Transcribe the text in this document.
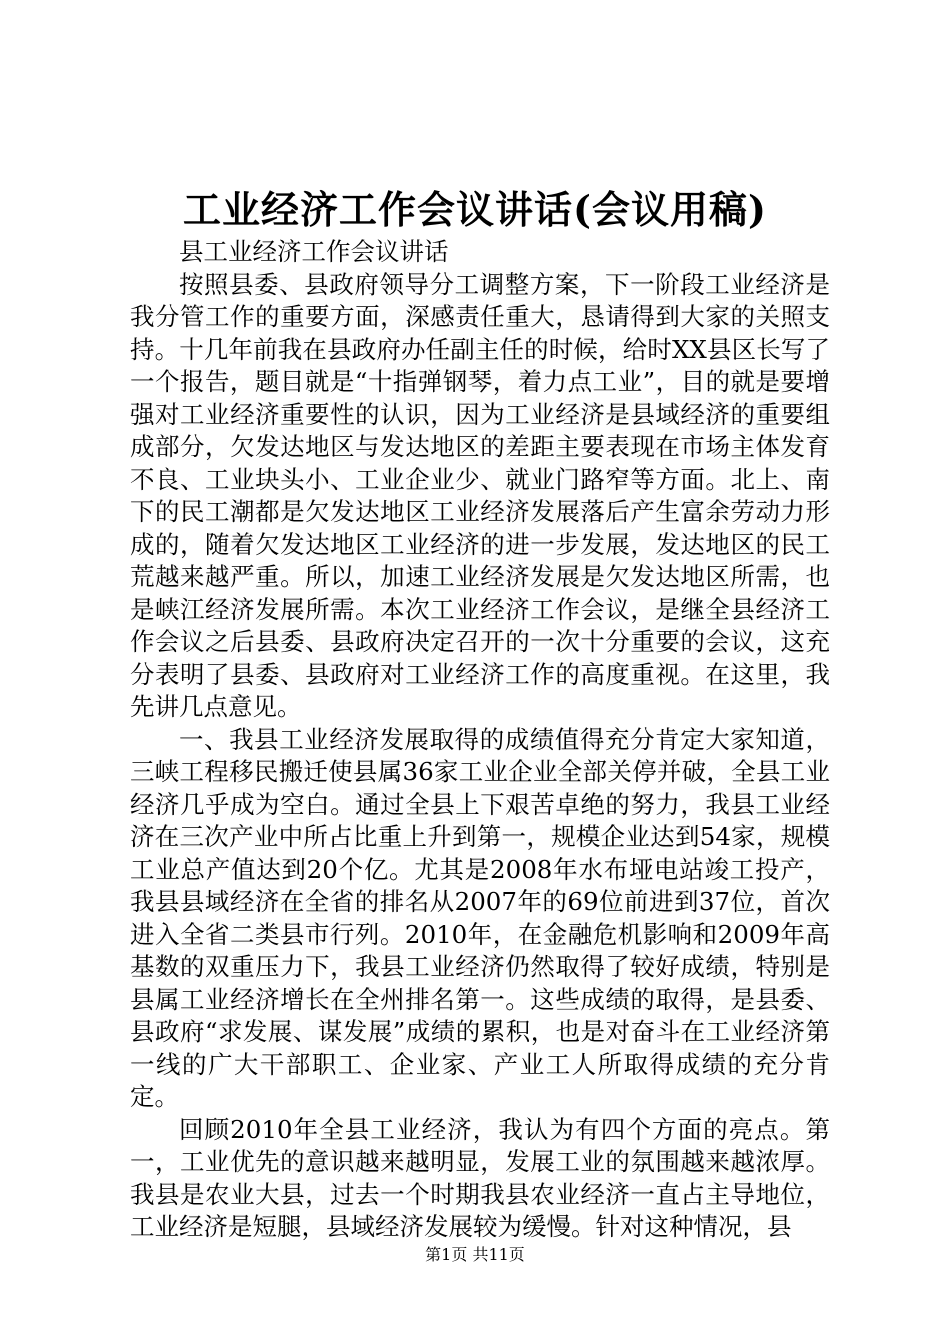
工业经济工作会议讲话(会议用稿)

县工业经济工作会议讲话

按照县委、县政府领导分工调整方案，下一阶段工业经济是我分管工作的重要方面，深感责任重大，恳请得到大家的关照支持。十几年前我在县政府办任副主任的时候，给时XX县区长写了一个报告，题目就是“十指弹钢琴，着力点工业”，目的就是要增强对工业经济重要性的认识，因为工业经济是县域经济的重要组成部分，欠发达地区与发达地区的差距主要表现在市场主体发育不良、工业块头小、工业企业少、就业门路窄等方面。北上、南下的民工潮都是欠发达地区工业经济发展落后产生富余劳动力形成的，随着欠发达地区工业经济的进一步发展，发达地区的民工荒越来越严重。所以，加速工业经济发展是欠发达地区所需，也是峡江经济发展所需。本次工业经济工作会议，是继全县经济工作会议之后县委、县政府决定召开的一次十分重要的会议，这充分表明了县委、县政府对工业经济工作的高度重视。在这里，我先讲几点意见。

一、我县工业经济发展取得的成绩值得充分肯定大家知道，三峡工程移民搬迁使县属36家工业企业全部关停并破，全县工业经济几乎成为空白。通过全县上下艰苦卓绝的努力，我县工业经济在三次产业中所占比重上升到第一，规模企业达到54家，规模工业总产值达到20个亿。尤其是2008年水布垭电站竣工投产，我县县域经济在全省的排名从2007年的69位前进到37位，首次进入全省二类县市行列。2010年，在金融危机影响和2009年高基数的双重压力下，我县工业经济仍然取得了较好成绩，特别是县属工业经济增长在全州排名第一。这些成绩的取得，是县委、县政府“求发展、谋发展”成绩的累积，也是对奋斗在工业经济第一线的广大干部职工、企业家、产业工人所取得成绩的充分肯定。

回顾2010年全县工业经济，我认为有四个方面的亮点。第一，工业优先的意识越来越明显，发展工业的氛围越来越浓厚。我县是农业大县，过去一个时期我县农业经济一直占主导地位，工业经济是短腿，县域经济发展较为缓慢。针对这种情况，县

第1页 共11页
